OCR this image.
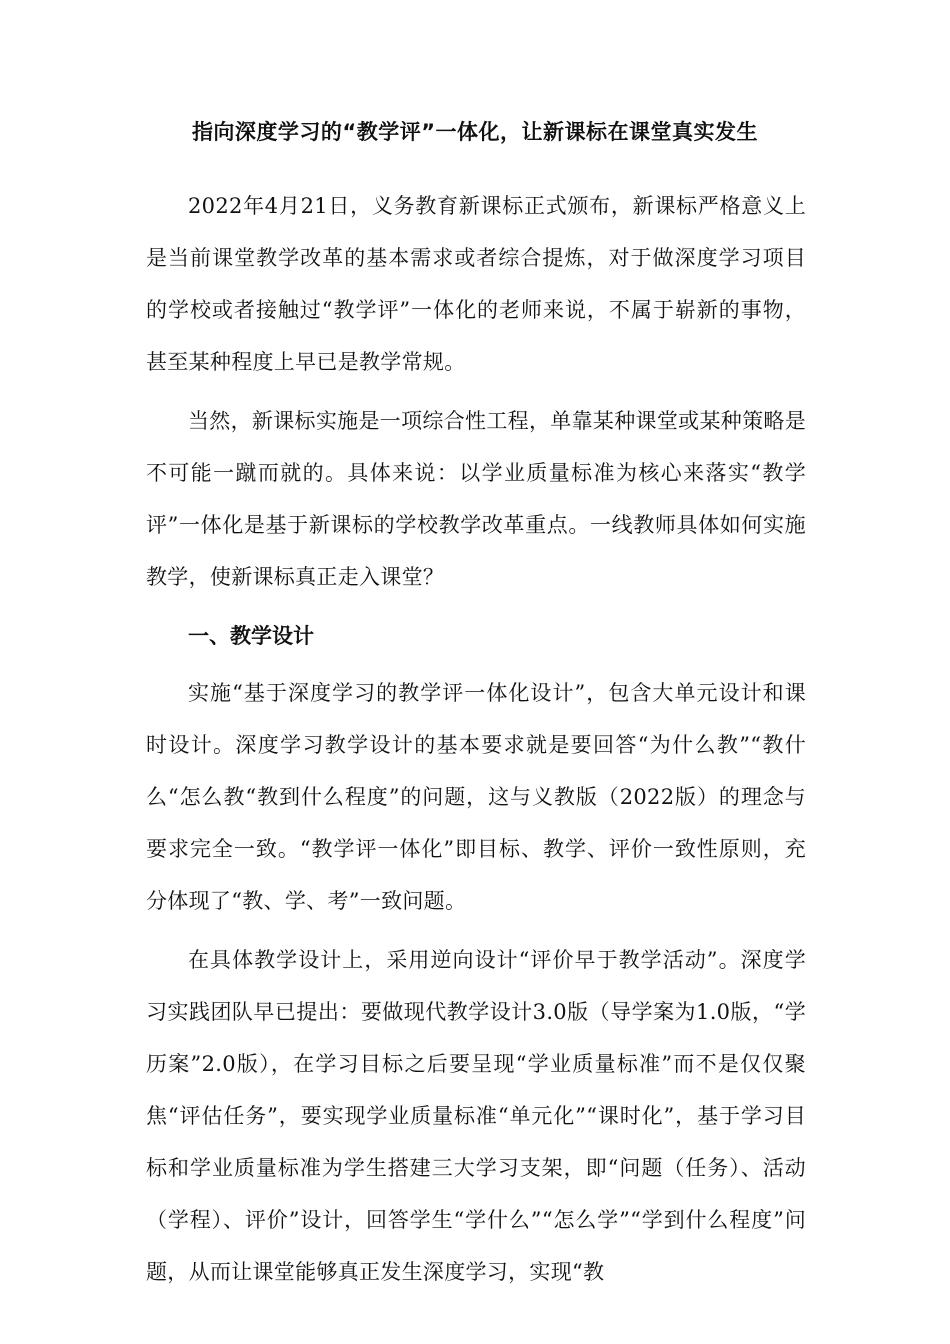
指向深度学习的“教学评”一体化，让新课标在课堂真实发生

2022年4月21日，义务教育新课标正式颁布，新课标严格意义上是当前课堂教学改革的基本需求或者综合提炼，对于做深度学习项目的学校或者接触过“教学评”一体化的老师来说，不属于崭新的事物，甚至某种程度上早已是教学常规。

当然，新课标实施是一项综合性工程，单靠某种课堂或某种策略是不可能一蹴而就的。具体来说：以学业质量标准为核心来落实“教学评”一体化是基于新课标的学校教学改革重点。一线教师具体如何实施教学，使新课标真正走入课堂？

一、教学设计

实施“基于深度学习的教学评一体化设计”，包含大单元设计和课时设计。深度学习教学设计的基本要求就是要回答“为什么教”“教什么“怎么教“教到什么程度”的问题，这与义教版（2022版）的理念与要求完全一致。“教学评一体化”即目标、教学、评价一致性原则，充分体现了“教、学、考”一致问题。

在具体教学设计上，采用逆向设计“评价早于教学活动”。深度学习实践团队早已提出：要做现代教学设计3.0版（导学案为1.0版，“学历案”2.0版），在学习目标之后要呈现“学业质量标准”而不是仅仅聚焦“评估任务”，要实现学业质量标准“单元化”“课时化”，基于学习目标和学业质量标准为学生搭建三大学习支架，即“问题（任务）、活动（学程）、评价”设计，回答学生“学什么”“怎么学”“学到什么程度”问题，从而让课堂能够真正发生深度学习，实现“教
